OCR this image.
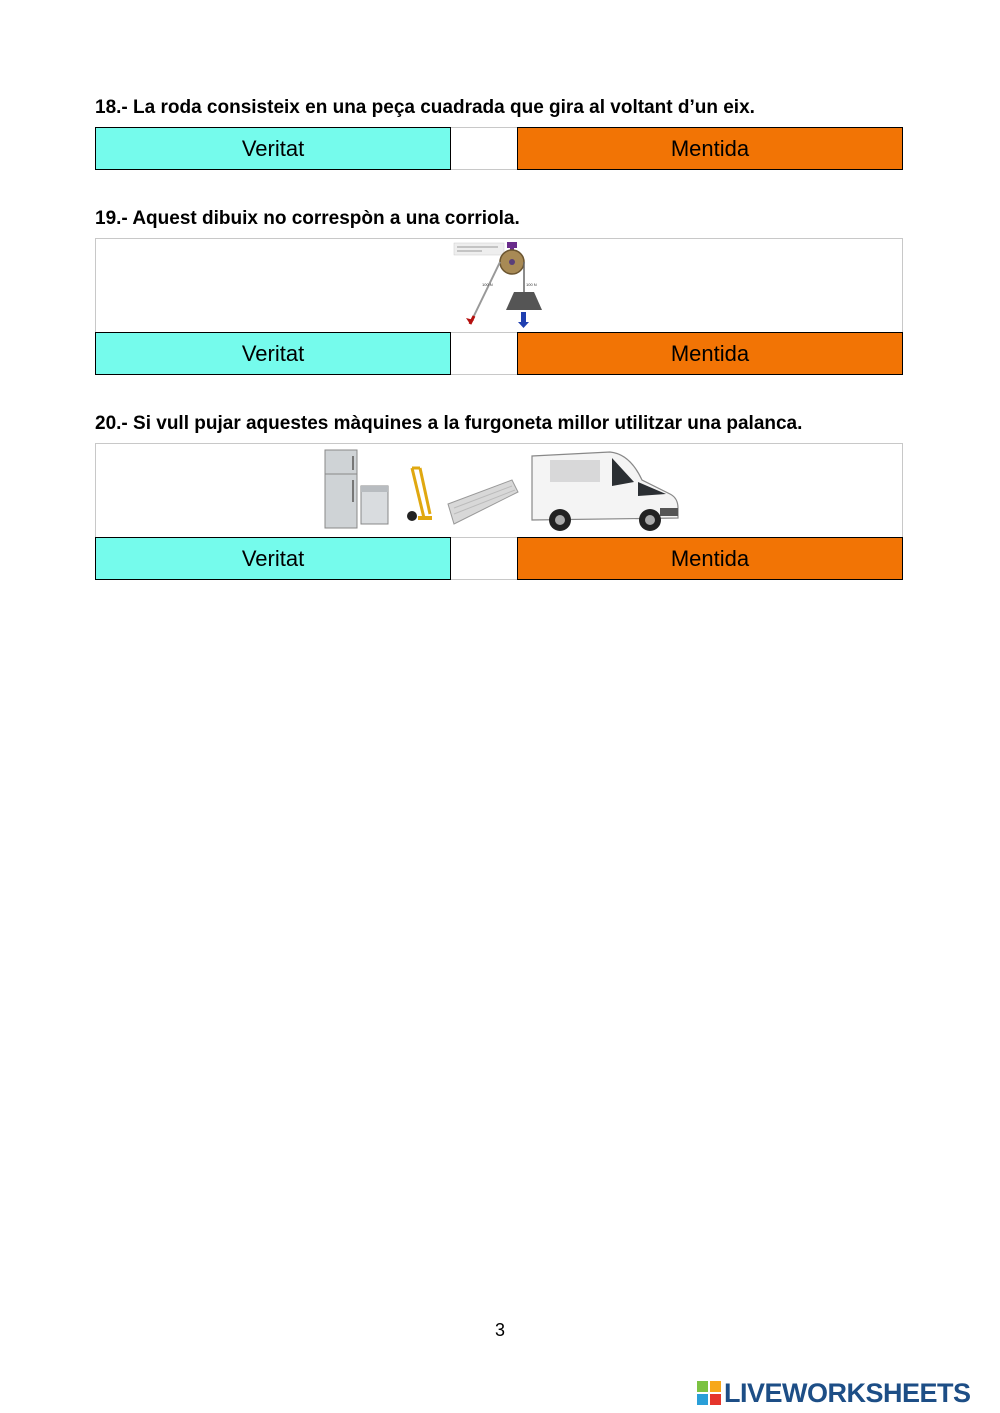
18.- La roda consisteix en una peça cuadrada que gira al voltant d’un eix.
Veritat	Mentida
19.- Aquest dibuix no correspòn a una corriola.
100 N	100 N
Veritat	Mentida
20.- Si vull pujar aquestes màquines a la furgoneta millor utilitzar una palanca.
Veritat	Mentida
3
LIVEWORKSHEETS
